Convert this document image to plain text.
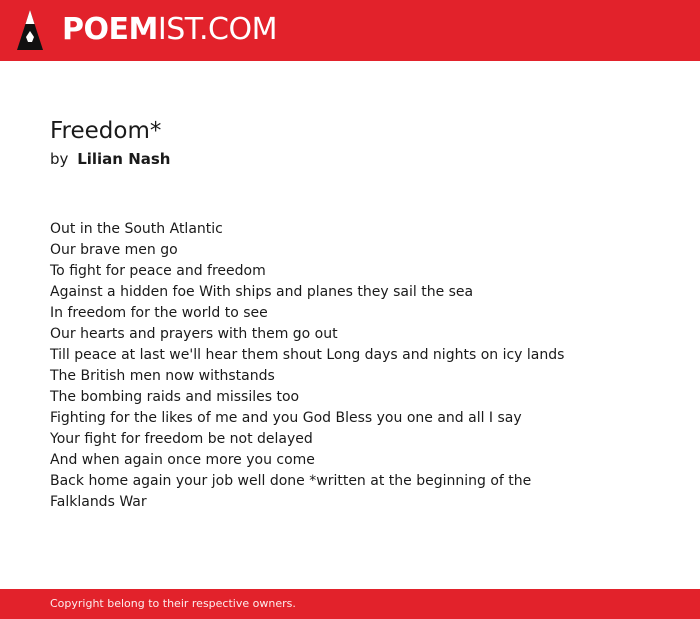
POEMIST.COM
Freedom*
by Lilian Nash
Out in the South Atlantic
Our brave men go
To fight for peace and freedom
Against a hidden foe With ships and planes they sail the sea
In freedom for the world to see
Our hearts and prayers with them go out
Till peace at last we'll hear them shout Long days and nights on icy lands
The British men now withstands
The bombing raids and missiles too
Fighting for the likes of me and you God Bless you one and all I say
Your fight for freedom be not delayed
And when again once more you come
Back home again your job well done *written at the beginning of the
Falklands War
Copyright belong to their respective owners.
